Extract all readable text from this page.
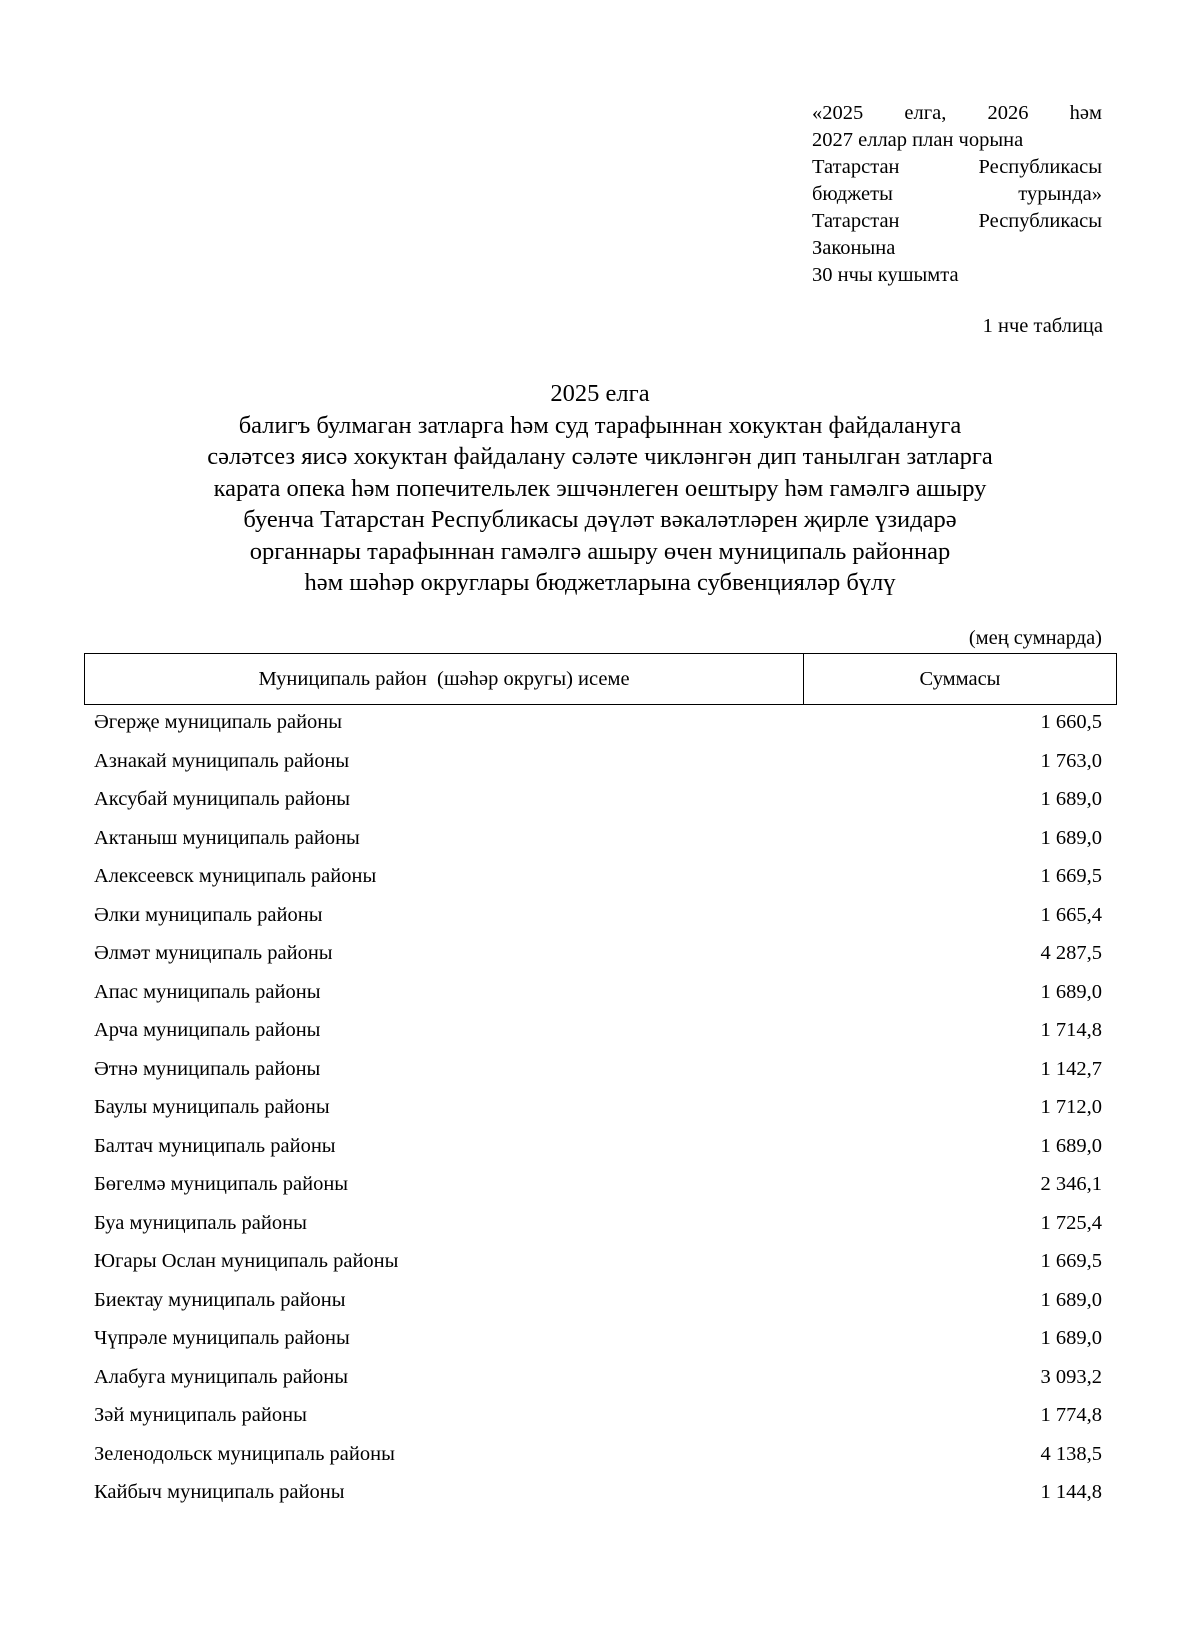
«2025 елга, 2026 һәм
2027 еллар план чорына
Татарстан Республикасы
бюджеты турында»
Татарстан Республикасы
Законына
30 нчы кушымта
1 нче таблица
2025 елга
балигъ булмаган затларга һәм суд тарафыннан хокуктан файдалануга
сәләтсез яисә хокуктан файдалану сәләте чикләнгән дип танылган затларга
карата опека һәм попечительлек эшчәнлеген оештыру һәм гамәлгә ашыру
буенча Татарстан Республикасы дәүләт вәкаләтләрен җирле үзидарә
органнары тарафыннан гамәлгә ашыру өчен муниципаль районнар
һәм шәһәр округлары бюджетларына субвенцияләр бүлү
(мең сумнарда)
Муниципаль район  (шәһәр округы) исеме	Суммасы
Әгерҗе муниципаль районы	1 660,5
Азнакай муниципаль районы	1 763,0
Аксубай муниципаль районы	1 689,0
Актаныш муниципаль районы	1 689,0
Алексеевск муниципаль районы	1 669,5
Әлки муниципаль районы	1 665,4
Әлмәт муниципаль районы	4 287,5
Апас муниципаль районы	1 689,0
Арча муниципаль районы	1 714,8
Әтнә муниципаль районы	1 142,7
Баулы муниципаль районы	1 712,0
Балтач муниципаль районы	1 689,0
Бөгелмә муниципаль районы	2 346,1
Буа муниципаль районы	1 725,4
Югары Ослан муниципаль районы	1 669,5
Биектау муниципаль районы	1 689,0
Чүпрәле муниципаль районы	1 689,0
Алабуга муниципаль районы	3 093,2
Зәй муниципаль районы	1 774,8
Зеленодольск муниципаль районы	4 138,5
Кайбыч муниципаль районы	1 144,8
